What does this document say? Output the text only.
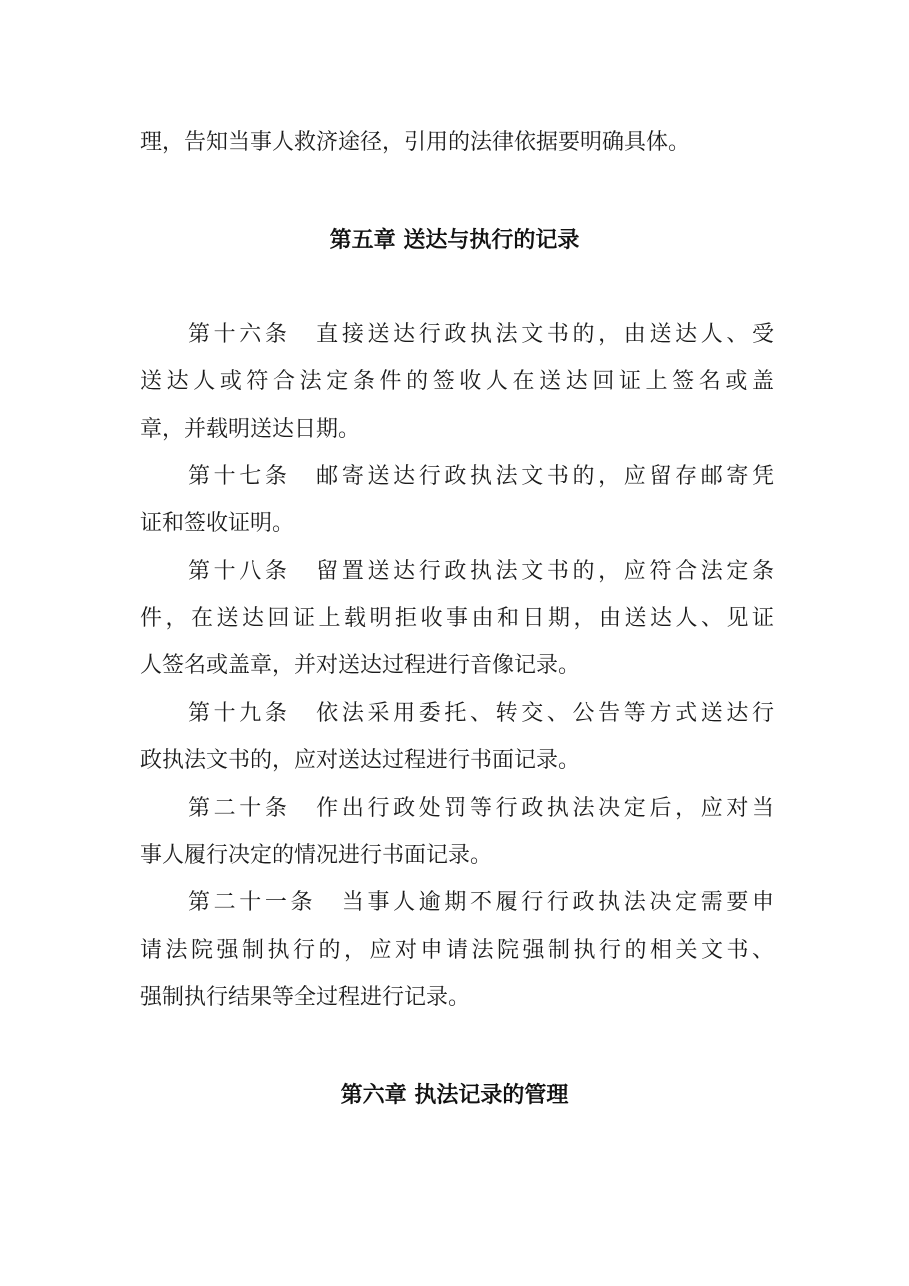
理，告知当事人救济途径，引用的法律依据要明确具体。
第五章 送达与执行的记录
第十六条　直接送达行政执法文书的，由送达人、受
送达人或符合法定条件的签收人在送达回证上签名或盖
章，并载明送达日期。
第十七条　邮寄送达行政执法文书的，应留存邮寄凭
证和签收证明。
第十八条　留置送达行政执法文书的，应符合法定条
件，在送达回证上载明拒收事由和日期，由送达人、见证
人签名或盖章，并对送达过程进行音像记录。
第十九条　依法采用委托、转交、公告等方式送达行
政执法文书的，应对送达过程进行书面记录。
第二十条　作出行政处罚等行政执法决定后，应对当
事人履行决定的情况进行书面记录。
第二十一条　当事人逾期不履行行政执法决定需要申
请法院强制执行的，应对申请法院强制执行的相关文书、
强制执行结果等全过程进行记录。
第六章 执法记录的管理
